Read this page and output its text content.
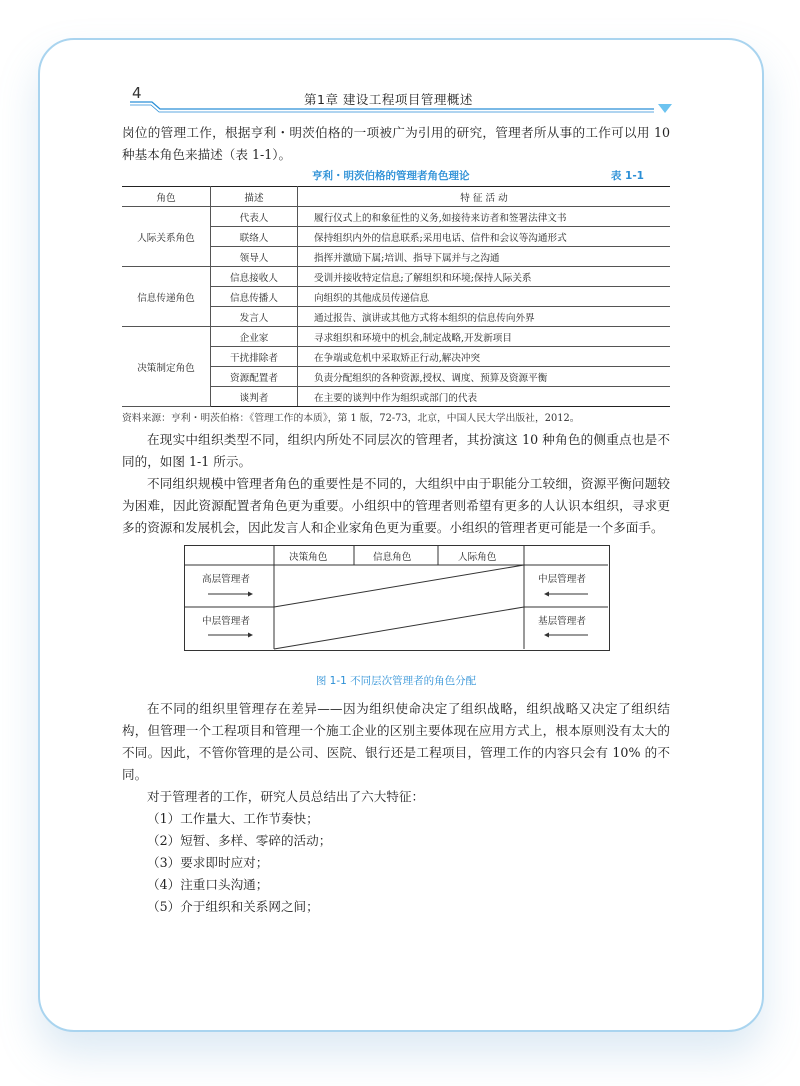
4	第1章 建设工程项目管理概述

岗位的管理工作，根据亨利・明茨伯格的一项被广为引用的研究，管理者所从事的工作可以用 10 种基本角色来描述（表 1-1）。

亨利・明茨伯格的管理者角色理论	表 1-1
角色	描述	特 征 活 动
人际关系角色	代表人	履行仪式上的和象征性的义务,如接待来访者和签署法律文书
	联络人	保持组织内外的信息联系;采用电话、信件和会议等沟通形式
	领导人	指挥并激励下属;培训、指导下属并与之沟通
信息传递角色	信息接收人	受训并接收特定信息;了解组织和环境;保持人际关系
	信息传播人	向组织的其他成员传递信息
	发言人	通过报告、演讲或其他方式将本组织的信息传向外界
决策制定角色	企业家	寻求组织和环境中的机会,制定战略,开发新项目
	干扰排除者	在争端或危机中采取矫正行动,解决冲突
	资源配置者	负责分配组织的各种资源,授权、调度、预算及资源平衡
	谈判者	在主要的谈判中作为组织或部门的代表

资料来源：亨利・明茨伯格：《管理工作的本质》，第 1 版，72-73，北京，中国人民大学出版社，2012。

在现实中组织类型不同，组织内所处不同层次的管理者，其扮演这 10 种角色的侧重点也是不同的，如图 1-1 所示。

不同组织规模中管理者角色的重要性是不同的，大组织中由于职能分工较细，资源平衡问题较为困难，因此资源配置者角色更为重要。小组织中的管理者则希望有更多的人认识本组织，寻求更多的资源和发展机会，因此发言人和企业家角色更为重要。小组织的管理者更可能是一个多面手。

决策角色	信息角色	人际角色
高层管理者
中层管理者
中层管理者
基层管理者
图 1-1 不同层次管理者的角色分配

在不同的组织里管理存在差异——因为组织使命决定了组织战略，组织战略又决定了组织结构，但管理一个工程项目和管理一个施工企业的区别主要体现在应用方式上，根本原则没有太大的不同。因此，不管你管理的是公司、医院、银行还是工程项目，管理工作的内容只会有 10% 的不同。

对于管理者的工作，研究人员总结出了六大特征：

（1）工作量大、工作节奏快；

（2）短暂、多样、零碎的活动；

（3）要求即时应对；

（4）注重口头沟通；

（5）介于组织和关系网之间；
